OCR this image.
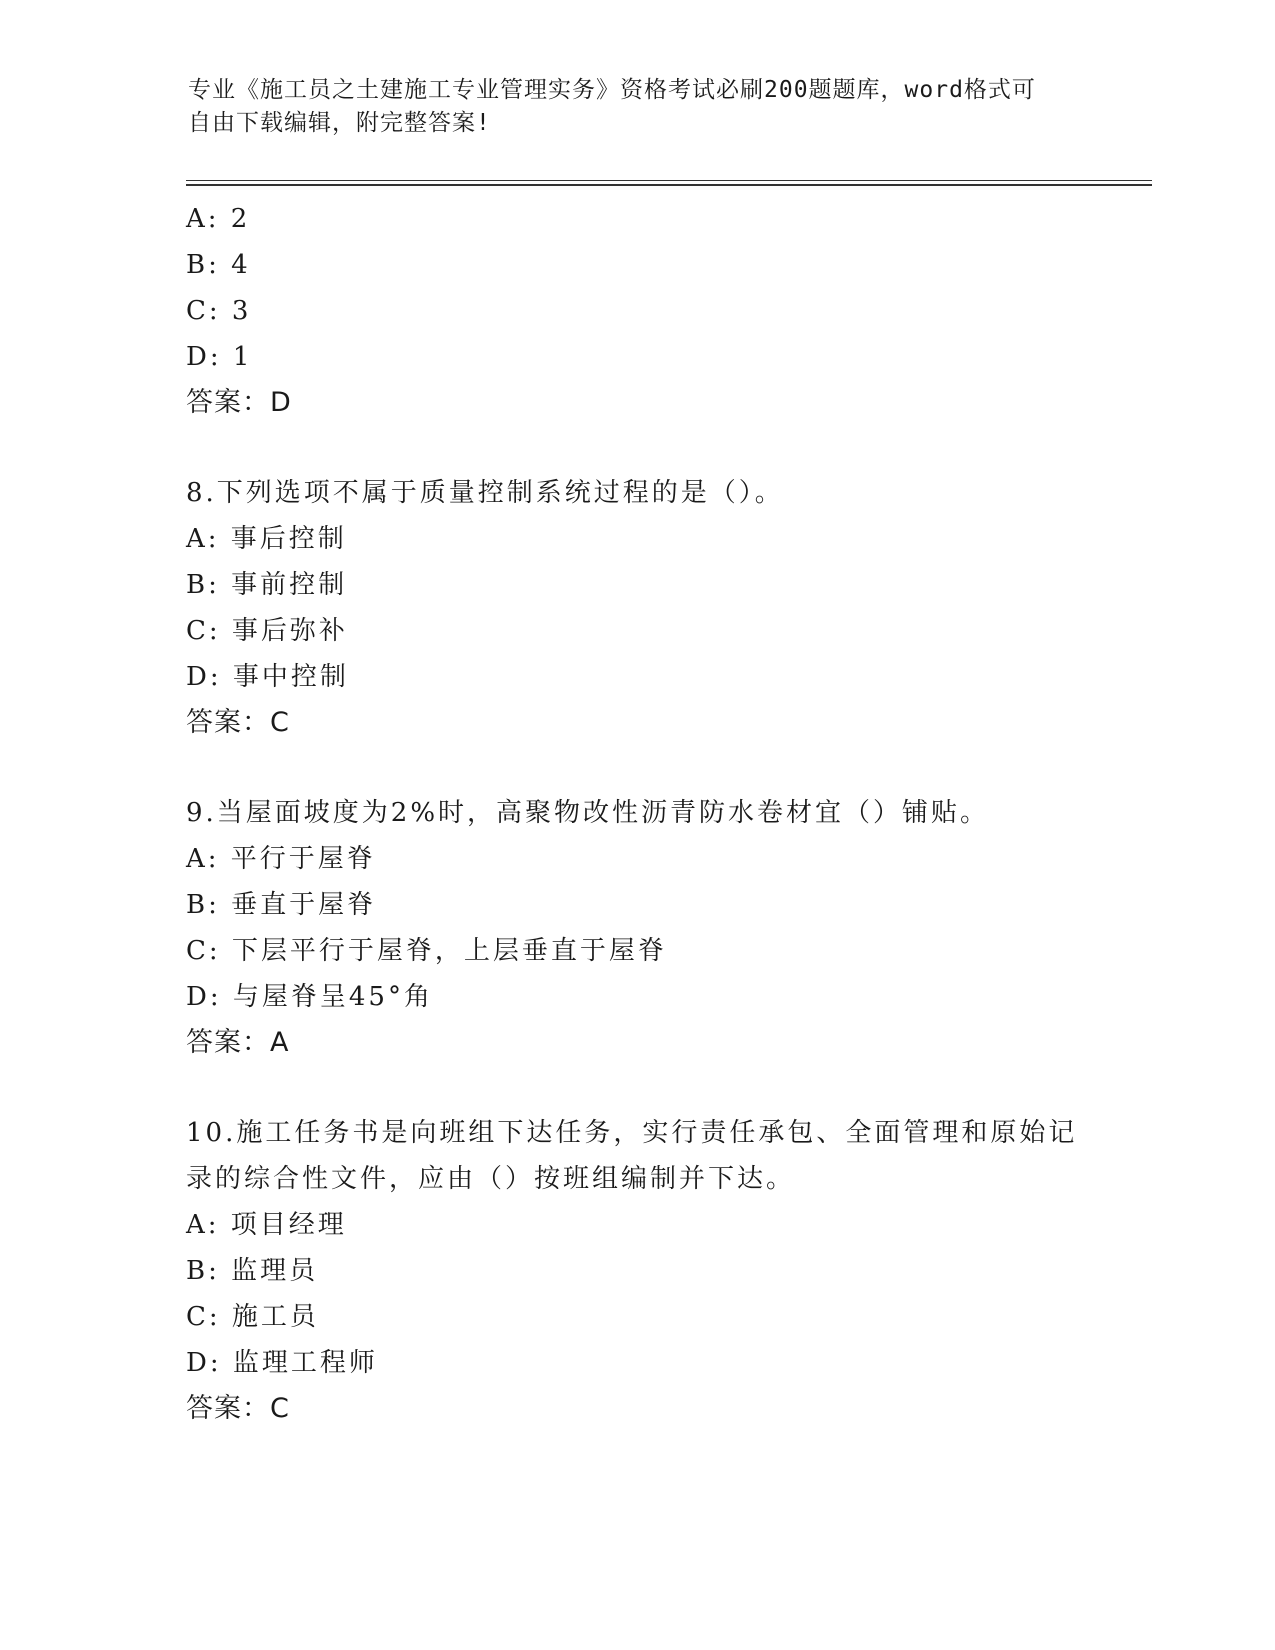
专业《施工员之土建施工专业管理实务》资格考试必刷200题题库，word格式可
自由下载编辑，附完整答案!
A: 2
B: 4
C: 3
D: 1
答案：D
8.下列选项不属于质量控制系统过程的是（）。
A: 事后控制
B: 事前控制
C: 事后弥补
D: 事中控制
答案：C
9.当屋面坡度为2%时，高聚物改性沥青防水卷材宜（）铺贴。
A: 平行于屋脊
B: 垂直于屋脊
C: 下层平行于屋脊，上层垂直于屋脊
D: 与屋脊呈45°角
答案：A
10.施工任务书是向班组下达任务，实行责任承包、全面管理和原始记
录的综合性文件，应由（）按班组编制并下达。
A: 项目经理
B: 监理员
C: 施工员
D: 监理工程师
答案：C
